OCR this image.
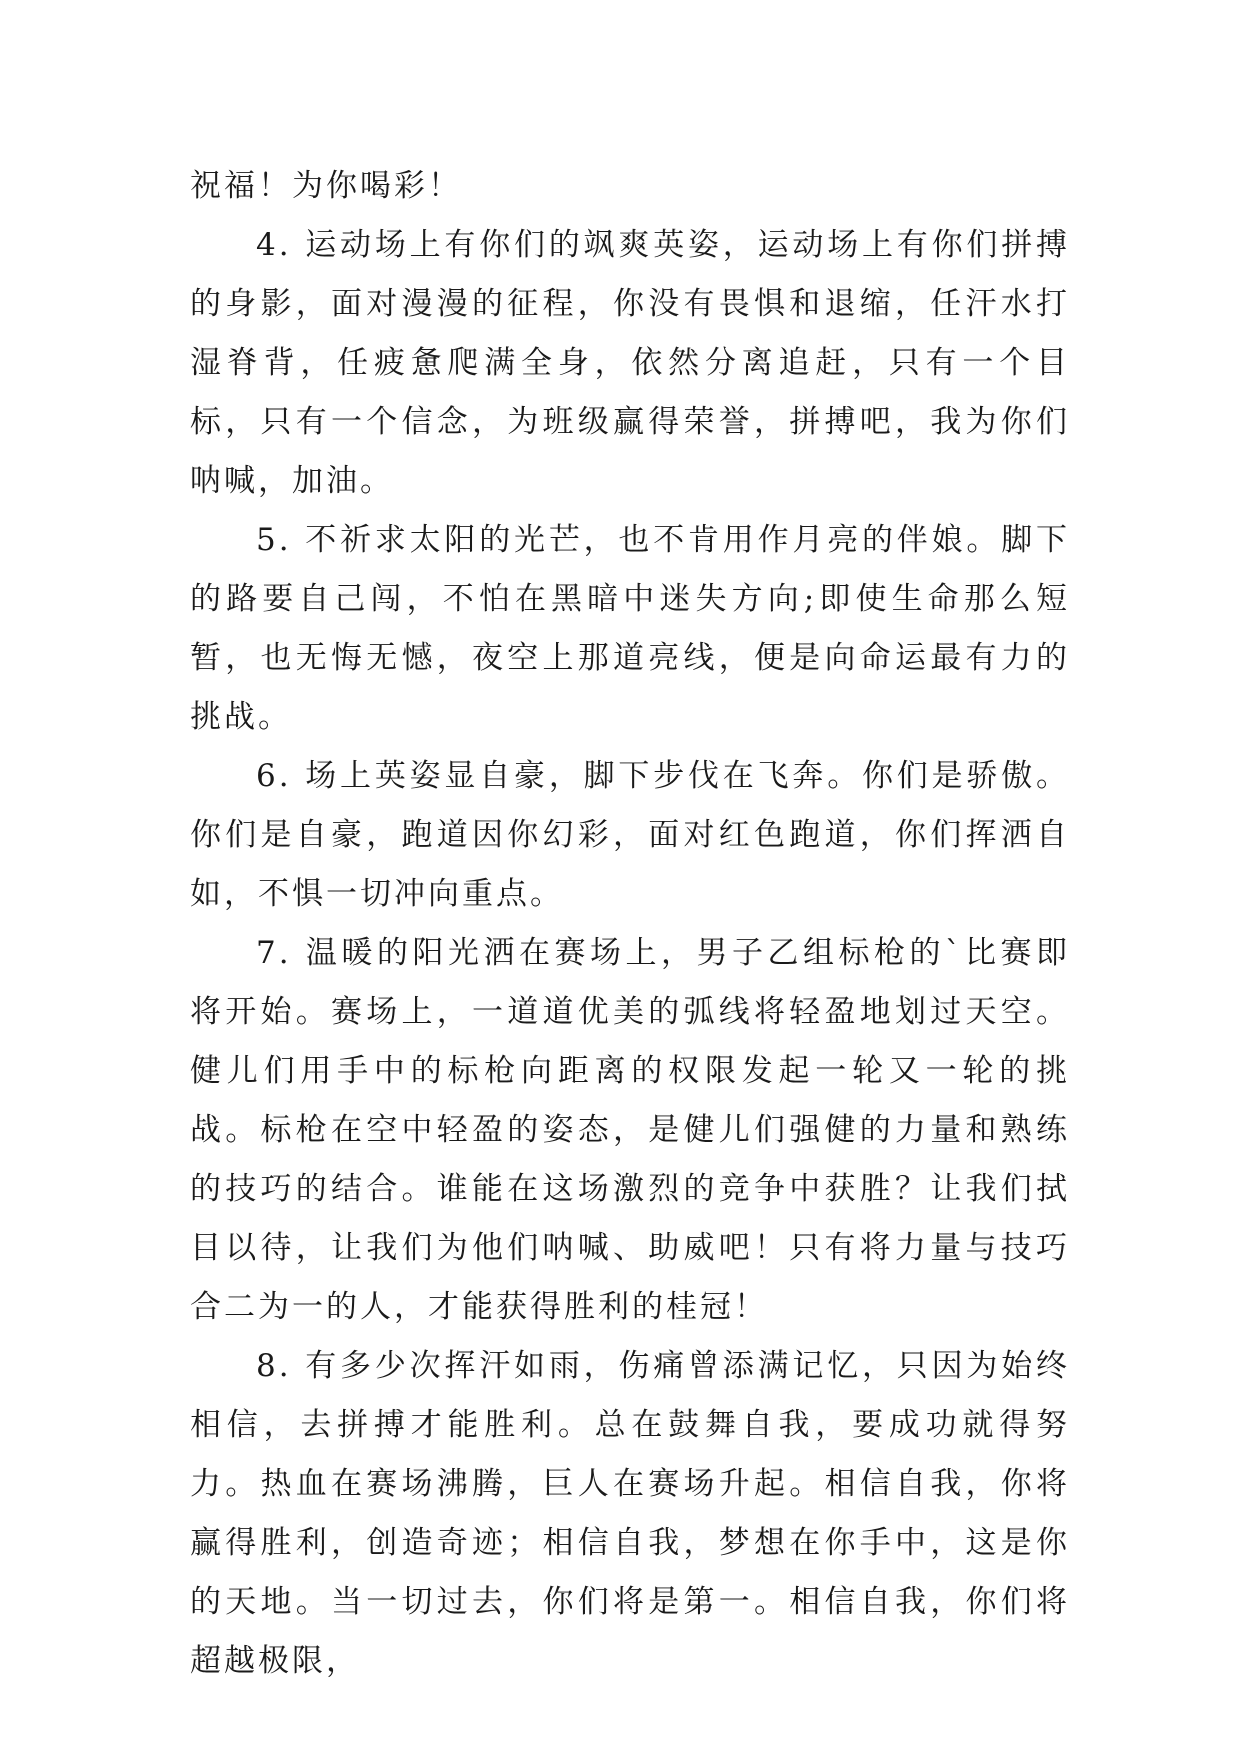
祝福！为你喝彩！

4. 运动场上有你们的飒爽英姿，运动场上有你们拼搏的身影，面对漫漫的征程，你没有畏惧和退缩，任汗水打湿脊背，任疲惫爬满全身，依然分离追赶，只有一个目标，只有一个信念，为班级赢得荣誉，拼搏吧，我为你们呐喊，加油。

5. 不祈求太阳的光芒，也不肯用作月亮的伴娘。脚下的路要自己闯，不怕在黑暗中迷失方向;即使生命那么短暂，也无悔无憾，夜空上那道亮线，便是向命运最有力的挑战。

6. 场上英姿显自豪，脚下步伐在飞奔。你们是骄傲。你们是自豪，跑道因你幻彩，面对红色跑道，你们挥洒自如，不惧一切冲向重点。

7. 温暖的阳光洒在赛场上，男子乙组标枪的`比赛即将开始。赛场上，一道道优美的弧线将轻盈地划过天空。健儿们用手中的标枪向距离的权限发起一轮又一轮的挑战。标枪在空中轻盈的姿态，是健儿们强健的力量和熟练的技巧的结合。谁能在这场激烈的竞争中获胜？让我们拭目以待，让我们为他们呐喊、助威吧！只有将力量与技巧合二为一的人，才能获得胜利的桂冠！

8. 有多少次挥汗如雨，伤痛曾添满记忆，只因为始终相信，去拼搏才能胜利。总在鼓舞自我，要成功就得努力。热血在赛场沸腾，巨人在赛场升起。相信自我，你将赢得胜利，创造奇迹；相信自我，梦想在你手中，这是你的天地。当一切过去，你们将是第一。相信自我，你们将超越极限，
